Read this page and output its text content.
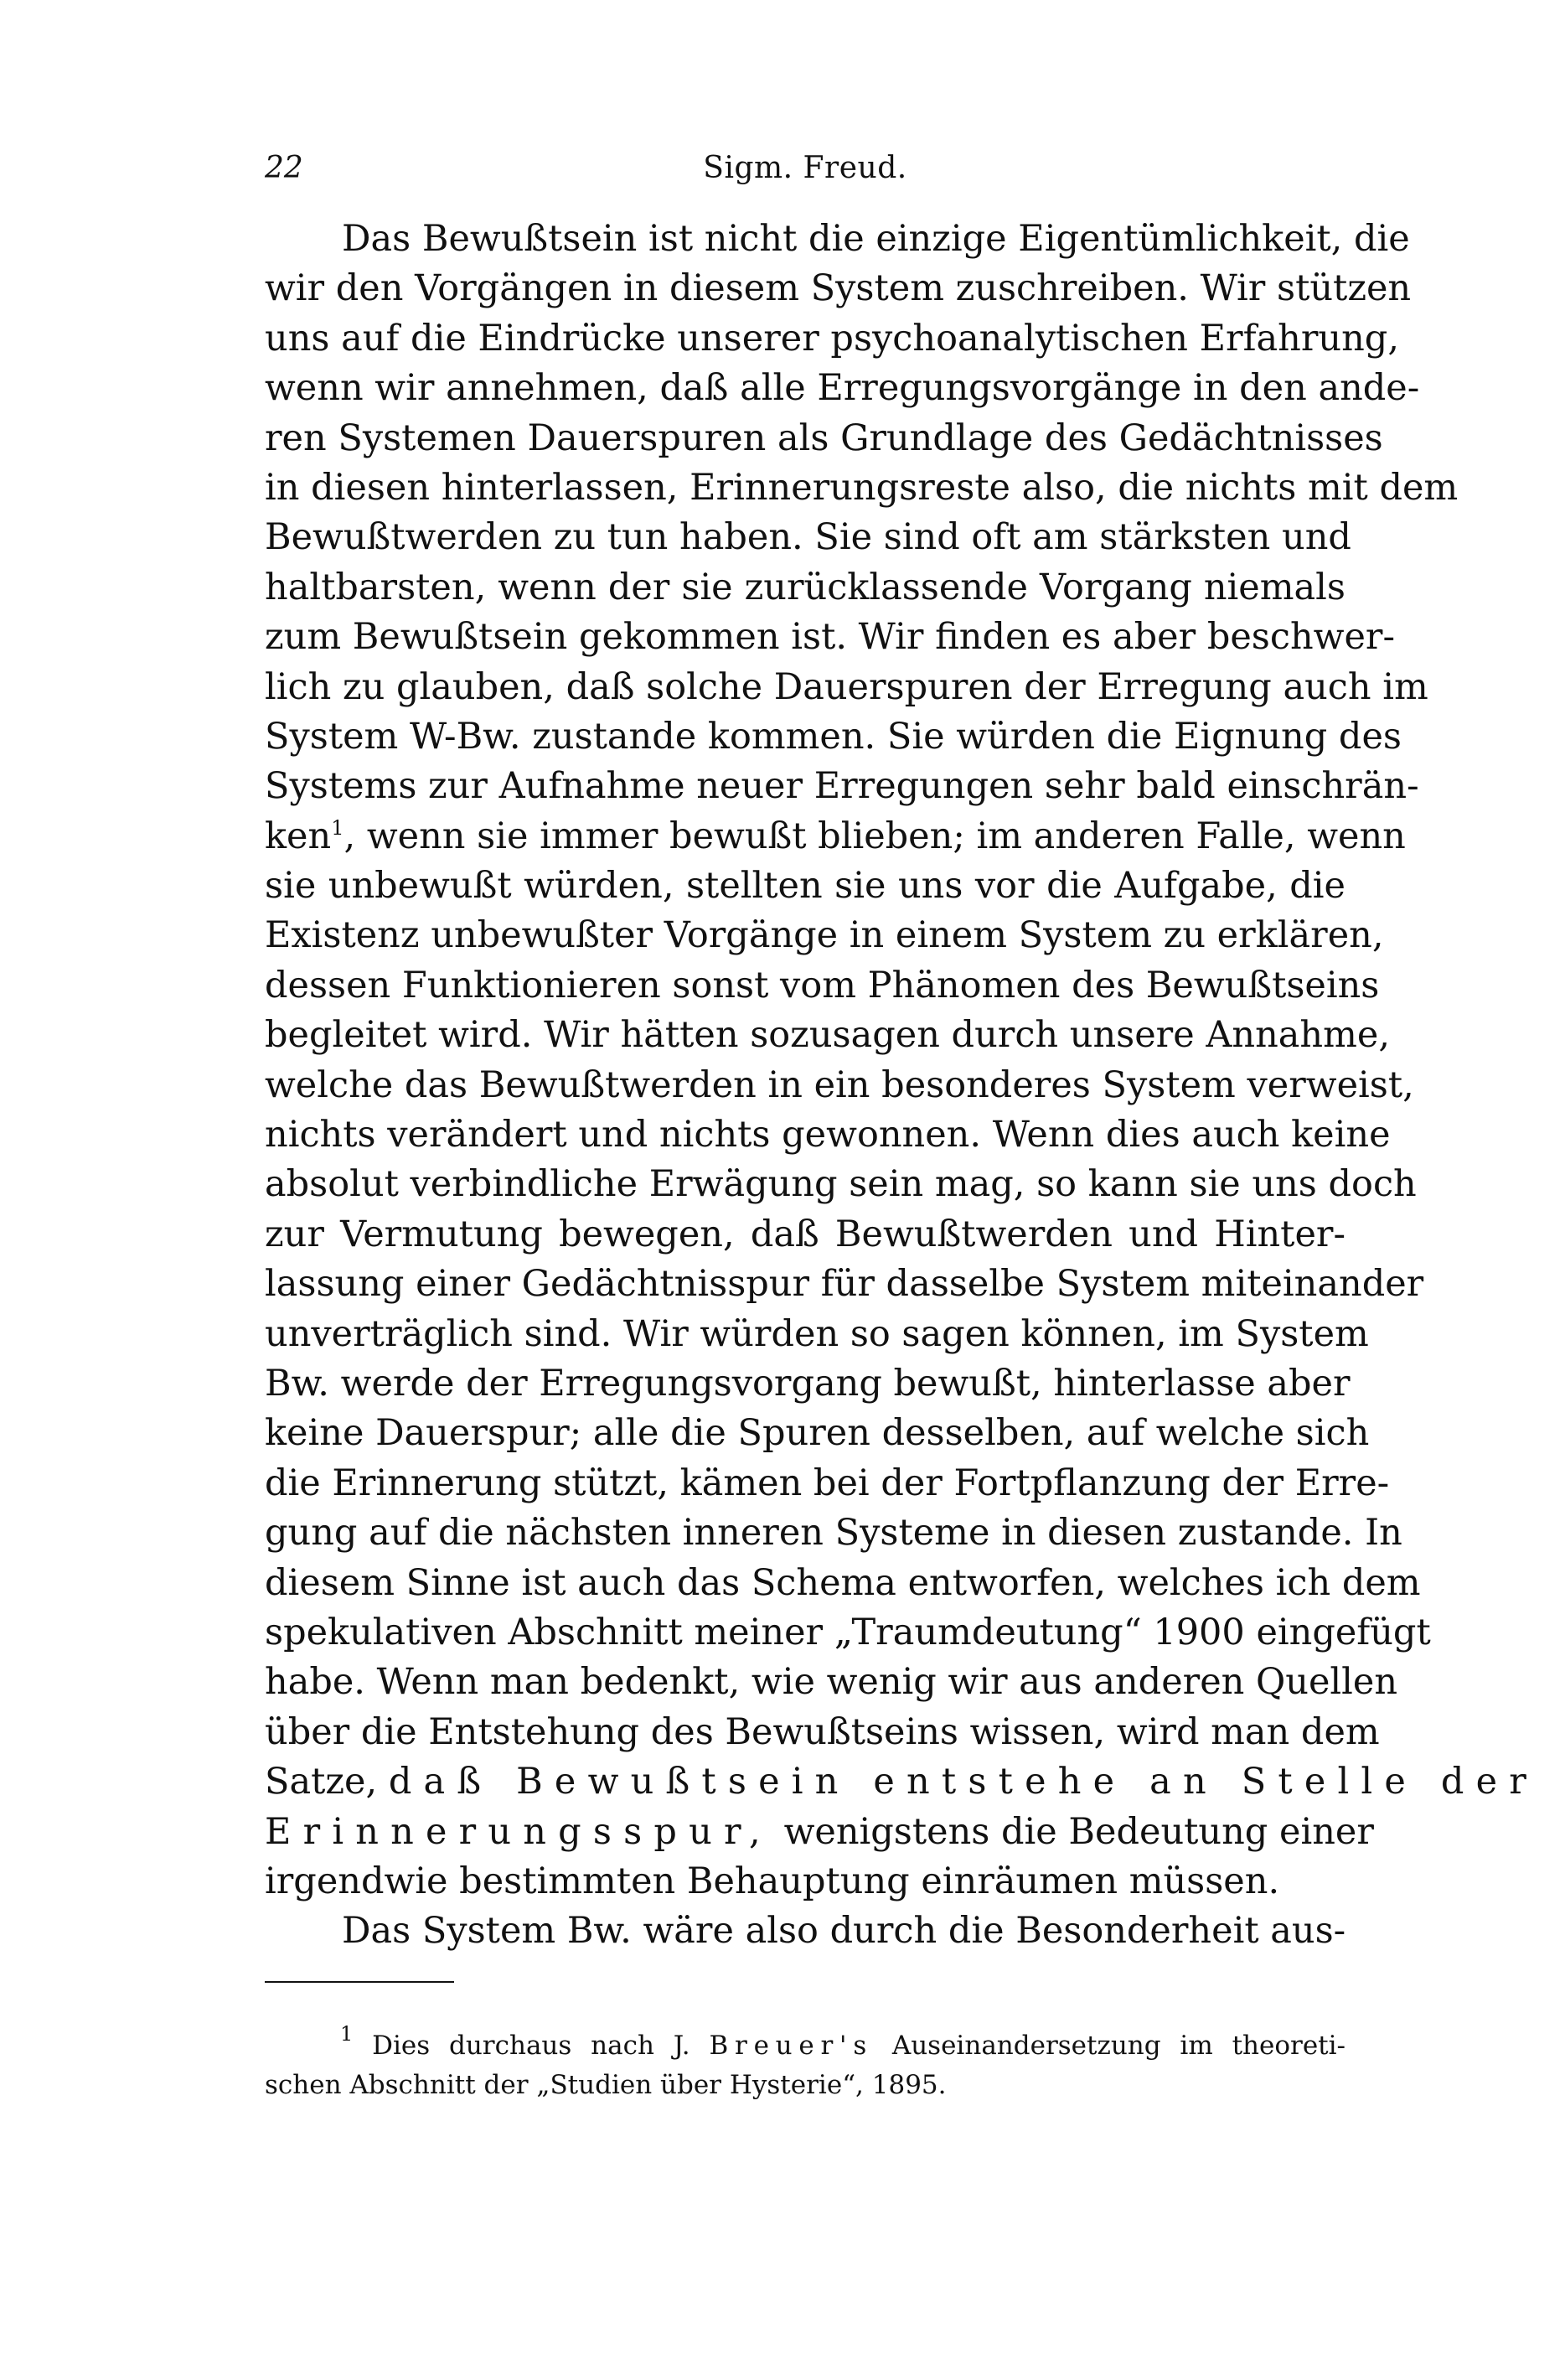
22	Sigm. Freud.
Das Bewußtsein ist nicht die einzige Eigentümlichkeit, die
wir den Vorgängen in diesem System zuschreiben. Wir stützen
uns auf die Eindrücke unserer psychoanalytischen Erfahrung,
wenn wir annehmen, daß alle Erregungsvorgänge in den ande-
ren Systemen Dauerspuren als Grundlage des Gedächtnisses
in diesen hinterlassen, Erinnerungsreste also, die nichts mit dem
Bewußtwerden zu tun haben. Sie sind oft am stärksten und
haltbarsten, wenn der sie zurücklassende Vorgang niemals
zum Bewußtsein gekommen ist. Wir finden es aber beschwer-
lich zu glauben, daß solche Dauerspuren der Erregung auch im
System W-Bw. zustande kommen. Sie würden die Eignung des
Systems zur Aufnahme neuer Erregungen sehr bald einschrän-
ken$^1$, wenn sie immer bewußt blieben; im anderen Falle, wenn
sie unbewußt würden, stellten sie uns vor die Aufgabe, die
Existenz unbewußter Vorgänge in einem System zu erklären,
dessen Funktionieren sonst vom Phänomen des Bewußtseins
begleitet wird. Wir hätten sozusagen durch unsere Annahme,
welche das Bewußtwerden in ein besonderes System verweist,
nichts verändert und nichts gewonnen. Wenn dies auch keine
absolut verbindliche Erwägung sein mag, so kann sie uns doch
zur Vermutung bewegen, daß Bewußtwerden und Hinter-
lassung einer Gedächtnisspur für dasselbe System miteinander
unverträglich sind. Wir würden so sagen können, im System
Bw. werde der Erregungsvorgang bewußt, hinterlasse aber
keine Dauerspur; alle die Spuren desselben, auf welche sich
die Erinnerung stützt, kämen bei der Fortpflanzung der Erre-
gung auf die nächsten inneren Systeme in diesen zustande. In
diesem Sinne ist auch das Schema entworfen, welches ich dem
spekulativen Abschnitt meiner „Traumdeutung“ 1900 eingefügt
habe. Wenn man bedenkt, wie wenig wir aus anderen Quellen
über die Entstehung des Bewußtseins wissen, wird man dem
Satze, daß Bewußtsein entstehe an Stelle der
Erinnerungsspur, wenigstens die Bedeutung einer
irgendwie bestimmten Behauptung einräumen müssen.
Das System Bw. wäre also durch die Besonderheit aus-
$^1$ Dies durchaus nach J. Breuer's Auseinandersetzung im theoreti-
schen Abschnitt der „Studien über Hysterie“, 1895.
